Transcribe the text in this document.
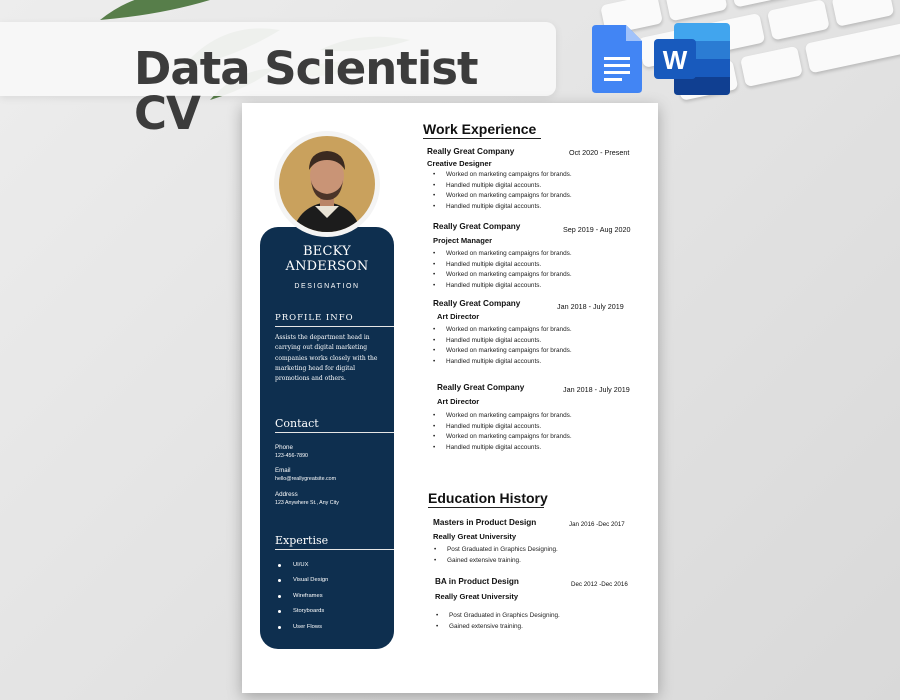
Data Scientist CV
W
BECKY ANDERSON
DESIGNATION
PROFILE INFO
Assists the department head in carrying out digital marketing companies works closely with the marketing head for digital promotions and others.
Contact
Phone
123-456-7890
Email
hello@reallygreatsite.com
Address
123 Anywhere St., Any City
Expertise
UI/UX
Visual Design
Wireframes
Storyboards
User Flows
Work Experience
Really Great Company	Oct 2020 - Present
Creative Designer
• Worked on marketing campaigns for brands.
• Handled multiple digital accounts.
• Worked on marketing campaigns for brands.
• Handled multiple digital accounts.
Really Great Company	Sep 2019 - Aug 2020
Project Manager
• Worked on marketing campaigns for brands.
• Handled multiple digital accounts.
• Worked on marketing campaigns for brands.
• Handled multiple digital accounts.
Really Great Company	Jan 2018 - July 2019
Art Director
• Worked on marketing campaigns for brands.
• Handled multiple digital accounts.
• Worked on marketing campaigns for brands.
• Handled multiple digital accounts.
Really Great Company	Jan 2018 - July 2019
Art Director
• Worked on marketing campaigns for brands.
• Handled multiple digital accounts.
• Worked on marketing campaigns for brands.
• Handled multiple digital accounts.
Education History
Masters in Product Design	Jan 2016 -Dec 2017
Really Great University
• Post Graduated in Graphics Designing.
• Gained extensive training.
BA in Product Design	Dec 2012 -Dec 2016
Really Great University
• Post Graduated in Graphics Designing.
• Gained extensive training.
